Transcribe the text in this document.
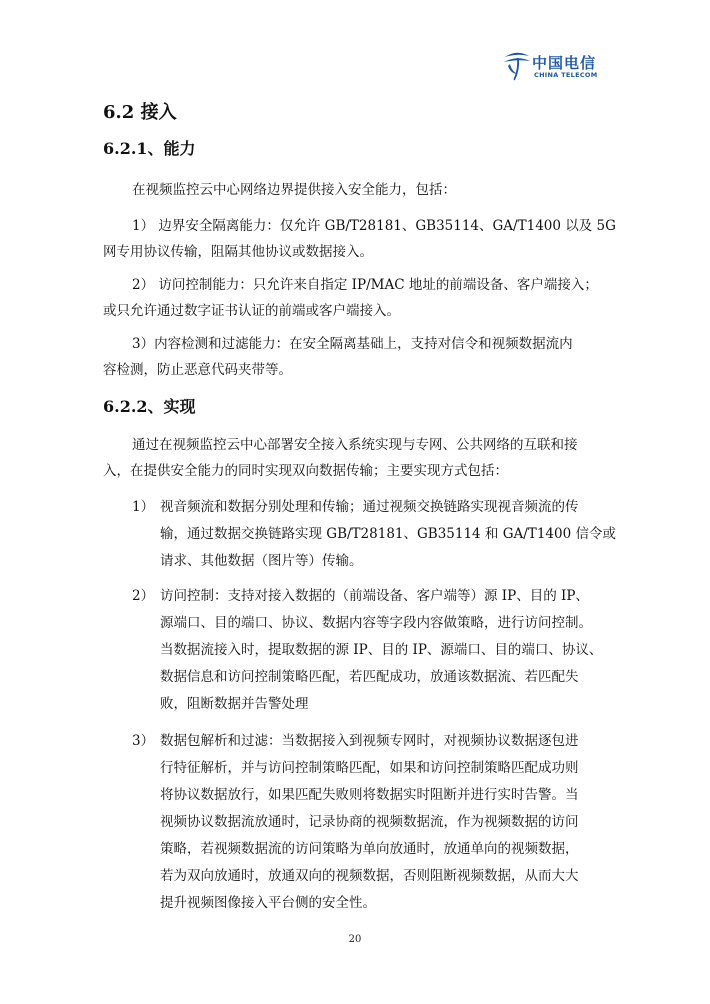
中国电信
CHINA TELECOM
6.2 接入
6.2.1、能力
在视频监控云中心网络边界提供接入安全能力，包括：
1） 边界安全隔离能力：仅允许 GB/T28181、GB35114、GA/T1400 以及 5G
网专用协议传输，阻隔其他协议或数据接入。
2） 访问控制能力：只允许来自指定 IP/MAC 地址的前端设备、客户端接入；
或只允许通过数字证书认证的前端或客户端接入。
3）内容检测和过滤能力：在安全隔离基础上，支持对信令和视频数据流内
容检测，防止恶意代码夹带等。
6.2.2、实现
通过在视频监控云中心部署安全接入系统实现与专网、公共网络的互联和接
入，在提供安全能力的同时实现双向数据传输；主要实现方式包括：
1） 视音频流和数据分别处理和传输；通过视频交换链路实现视音频流的传
输，通过数据交换链路实现 GB/T28181、GB35114 和 GA/T1400 信令或
请求、其他数据（图片等）传输。
2） 访问控制：支持对接入数据的（前端设备、客户端等）源 IP、目的 IP、
源端口、目的端口、协议、数据内容等字段内容做策略，进行访问控制。
当数据流接入时，提取数据的源 IP、目的 IP、源端口、目的端口、协议、
数据信息和访问控制策略匹配，若匹配成功，放通该数据流、若匹配失
败，阻断数据并告警处理
3） 数据包解析和过滤：当数据接入到视频专网时，对视频协议数据逐包进
行特征解析，并与访问控制策略匹配，如果和访问控制策略匹配成功则
将协议数据放行，如果匹配失败则将数据实时阻断并进行实时告警。当
视频协议数据流放通时，记录协商的视频数据流，作为视频数据的访问
策略，若视频数据流的访问策略为单向放通时，放通单向的视频数据，
若为双向放通时，放通双向的视频数据，否则阻断视频数据，从而大大
提升视频图像接入平台侧的安全性。
20
